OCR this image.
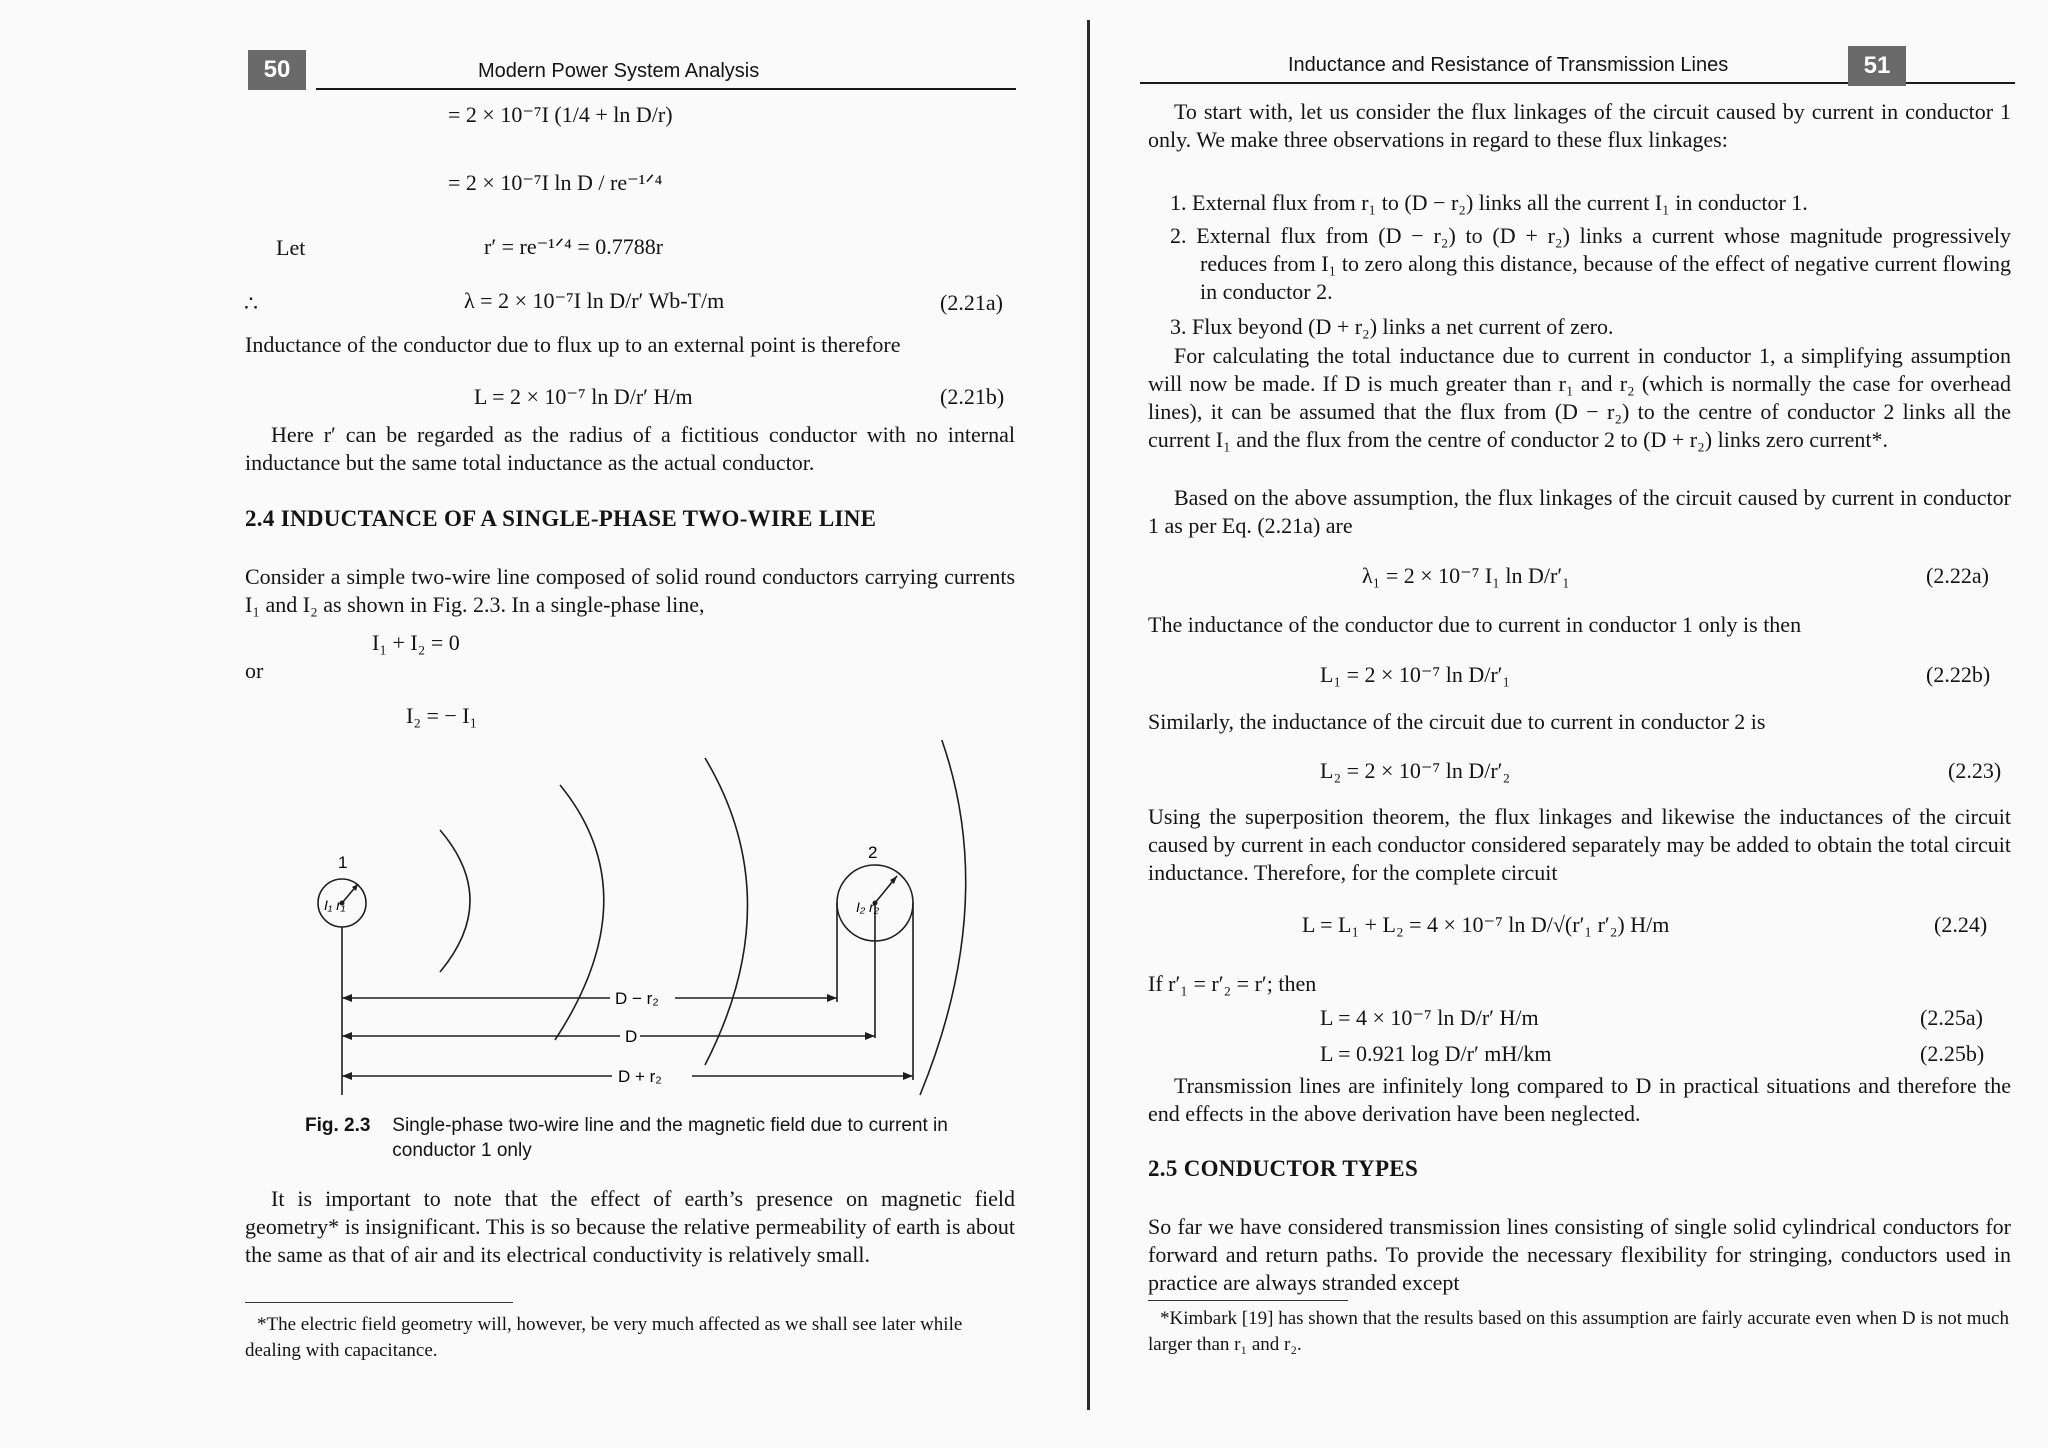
50	Modern Power System Analysis
= 2 × 10⁻⁷I (1/4 + ln D/r)
= 2 × 10⁻⁷I ln D / re⁻¹ᐟ⁴
Let	r′ = re⁻¹ᐟ⁴ = 0.7788r
∴	λ = 2 × 10⁻⁷I ln D/r′ Wb-T/m	(2.21a)
Inductance of the conductor due to flux up to an external point is therefore
L = 2 × 10⁻⁷ ln D/r′ H/m	(2.21b)
Here r′ can be regarded as the radius of a fictitious conductor with no internal inductance but the same total inductance as the actual conductor.
2.4 INDUCTANCE OF A SINGLE-PHASE TWO-WIRE LINE
Consider a simple two-wire line composed of solid round conductors carrying currents I₁ and I₂ as shown in Fig. 2.3. In a single-phase line,
I₁ + I₂ = 0
or
I₂ = − I₁
1
2
I₁ r₁	I₂ r₂
D − r₂
D
D + r₂
Fig. 2.3 Single-phase two-wire line and the magnetic field due to current in conductor 1 only
It is important to note that the effect of earth’s presence on magnetic field geometry* is insignificant. This is so because the relative permeability of earth is about the same as that of air and its electrical conductivity is relatively small.
*The electric field geometry will, however, be very much affected as we shall see later while dealing with capacitance.
Inductance and Resistance of Transmission Lines	51
To start with, let us consider the flux linkages of the circuit caused by current in conductor 1 only. We make three observations in regard to these flux linkages:
1. External flux from r₁ to (D − r₂) links all the current I₁ in conductor 1.
2. External flux from (D − r₂) to (D + r₂) links a current whose magnitude progressively reduces from I₁ to zero along this distance, because of the effect of negative current flowing in conductor 2.
3. Flux beyond (D + r₂) links a net current of zero.
For calculating the total inductance due to current in conductor 1, a simplifying assumption will now be made. If D is much greater than r₁ and r₂ (which is normally the case for overhead lines), it can be assumed that the flux from (D − r₂) to the centre of conductor 2 links all the current I₁ and the flux from the centre of conductor 2 to (D + r₂) links zero current*.
Based on the above assumption, the flux linkages of the circuit caused by current in conductor 1 as per Eq. (2.21a) are
λ₁ = 2 × 10⁻⁷ I₁ ln D/r′₁	(2.22a)
The inductance of the conductor due to current in conductor 1 only is then
L₁ = 2 × 10⁻⁷ ln D/r′₁	(2.22b)
Similarly, the inductance of the circuit due to current in conductor 2 is
L₂ = 2 × 10⁻⁷ ln D/r′₂	(2.23)
Using the superposition theorem, the flux linkages and likewise the inductances of the circuit caused by current in each conductor considered separately may be added to obtain the total circuit inductance. Therefore, for the complete circuit
L = L₁ + L₂ = 4 × 10⁻⁷ ln D/√(r′₁ r′₂) H/m	(2.24)
If r′₁ = r′₂ = r′; then
L = 4 × 10⁻⁷ ln D/r′ H/m	(2.25a)
L = 0.921 log D/r′ mH/km	(2.25b)
Transmission lines are infinitely long compared to D in practical situations and therefore the end effects in the above derivation have been neglected.
2.5 CONDUCTOR TYPES
So far we have considered transmission lines consisting of single solid cylindrical conductors for forward and return paths. To provide the necessary flexibility for stringing, conductors used in practice are always stranded except
*Kimbark [19] has shown that the results based on this assumption are fairly accurate even when D is not much larger than r₁ and r₂.
